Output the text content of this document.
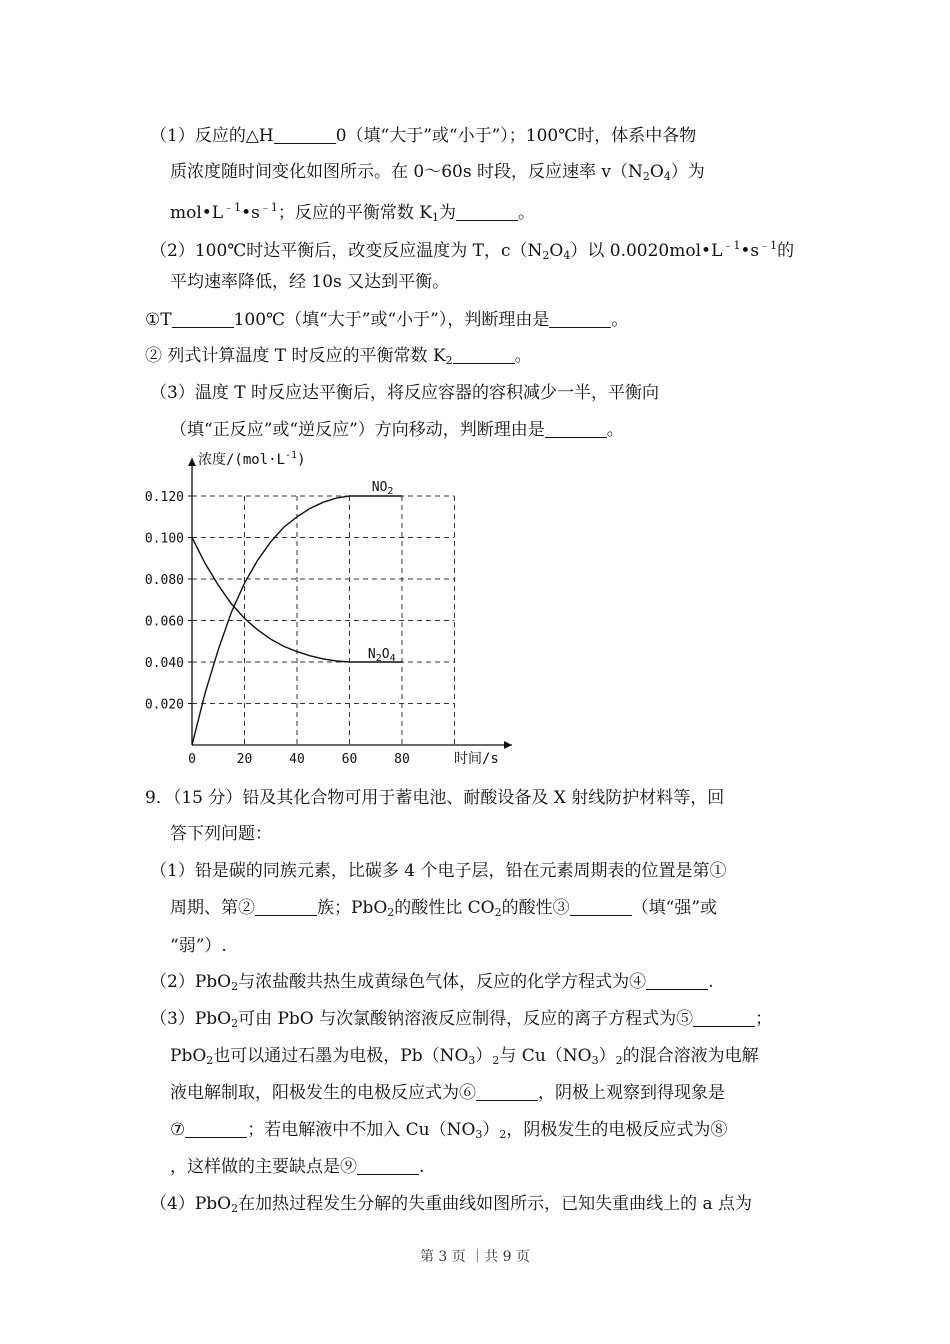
（1）反应的△H	0（填“大于”或“小于”）；100℃时，体系中各物
质浓度随时间变化如图所示。在 0～60s 时段，反应速率 $v(N_2O_4)$为
$mol•L^{﹣1}•s^{﹣1}$；反应的平衡常数 $K_1$为	。
（2）100℃时达平衡后，改变反应温度为 T，$c(N_2O_4)$以 $0.0020mol•L^{﹣1}•s^{﹣1}$的
平均速率降低，经 10s 又达到平衡。
①T	100℃（填“大于”或“小于”），判断理由是	。
② 列式计算温度 T 时反应的平衡常数 $K_2$	。
（3）温度 T 时反应达平衡后，将反应容器的容积减少一半，平衡向
（填“正反应”或“逆反应”）方向移动，判断理由是	。
9．（15 分）铅及其化合物可用于蓄电池、耐酸设备及 X 射线防护材料等，回
答下列问题：
（1）铅是碳的同族元素，比碳多 4 个电子层，铅在元素周期表的位置是第①
周期、第②	族；PbO$_2$的酸性比 $CO_2$的酸性③	（填“强”或
“弱”）.
（2）PbO$_2$与浓盐酸共热生成黄绿色气体，反应的化学方程式为④	.
（3）PbO$_2$可由 PbO 与次氯酸钠溶液反应制得，反应的离子方程式为⑤	；
PbO$_2$也可以通过石墨为电极，$Pb(NO_3)_2$与 $Cu(NO_3)_2$的混合溶液为电解
液电解制取，阳极发生的电极反应式为⑥	，阴极上观察到得现象是
⑦	；若电解液中不加入 $Cu(NO_3)_2$，阴极发生的电极反应式为⑧
，这样做的主要缺点是⑨	.
（4）PbO$_2$在加热过程发生分解的失重曲线如图所示，已知失重曲线上的 a 点为
0.020
0.040
0.060
0.080
0.100
0.120
0	20	40	60	80
浓度$/(mol\cdot L^{-1})$
时间/s
$NO_2$
$N_2O_4$
第 3 页 ｜共 9 页
